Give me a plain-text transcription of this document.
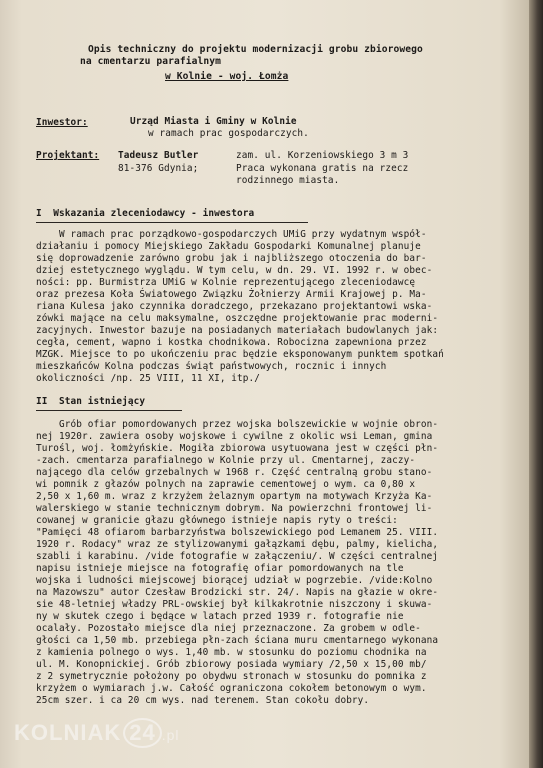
Opis techniczny do projektu modernizacji grobu zbiorowego
na cmentarzu parafialnym
w Kolnie - woj. Łomża
Inwestor:	Urząd Miasta i Gminy w Kolnie
w ramach prac gospodarczych.
Projektant: Tadeusz Butler
81-376 Gdynia;
zam. ul. Korzeniowskiego 3 m 3
Praca wykonana gratis na rzecz
rodzinnego miasta.
I  Wskazania zleceniodawcy - inwestora
W ramach prac porządkowo-gospodarczych UMiG przy wydatnym współ-
działaniu i pomocy Miejskiego Zakładu Gospodarki Komunalnej planuje
się doprowadzenie zarówno grobu jak i najbliższego otoczenia do bar-
dziej estetycznego wyglądu. W tym celu, w dn. 29. VI. 1992 r. w obec-
ności: pp. Burmistrza UMiG w Kolnie reprezentującego zleceniodawcę
oraz prezesa Koła Światowego Związku Żołnierzy Armii Krajowej p. Ma-
riana Kulesa jako czynnika doradczego, przekazano projektantowi wska-
zówki mające na celu maksymalne, oszczędne projektowanie prac moderni-
zacyjnych. Inwestor bazuje na posiadanych materiałach budowlanych jak:
cegła, cement, wapno i kostka chodnikowa. Robocizna zapewniona przez
MZGK. Miejsce to po ukończeniu prac będzie eksponowanym punktem spotkań
mieszkańców Kolna podczas świąt państwowych, rocznic i innych
okoliczności /np. 25 VIII, 11 XI, itp./
II  Stan istniejący
Grób ofiar pomordowanych przez wojska bolszewickie w wojnie obron-
nej 1920r. zawiera osoby wojskowe i cywilne z okolic wsi Leman, gmina
Turośl, woj. łomżyńskie. Mogiła zbiorowa usytuowana jest w części płn-
-zach. cmentarza parafialnego w Kolnie przy ul. Cmentarnej, zaczy-
nającego dla celów grzebalnych w 1968 r. Część centralną grobu stano-
wi pomnik z głazów polnych na zaprawie cementowej o wym. ca 0,80 x
2,50 x 1,60 m. wraz z krzyżem żelaznym opartym na motywach Krzyża Ka-
walerskiego w stanie technicznym dobrym. Na powierzchni frontowej li-
cowanej w granicie głazu głównego istnieje napis ryty o treści:
"Pamięci 48 ofiarom barbarzyństwa bolszewickiego pod Lemanem 25. VIII.
1920 r. Rodacy" wraz ze stylizowanymi gałązkami dębu, palmy, kielicha,
szabli i karabinu. /vide fotografie w załączeniu/. W części centralnej
napisu istnieje miejsce na fotografię ofiar pomordowanych na tle
wojska i ludności miejscowej biorącej udział w pogrzebie. /vide:Kolno
na Mazowszu" autor Czesław Brodzicki str. 24/. Napis na głazie w okre-
sie 48-letniej władzy PRL-owskiej był kilkakrotnie niszczony i skuwa-
ny w skutek czego i będące w latach przed 1939 r. fotografie nie
ocalały. Pozostało miejsce dla niej przeznaczone. Za grobem w odle-
głości ca 1,50 mb. przebiega płn-zach ściana muru cmentarnego wykonana
z kamienia polnego o wys. 1,40 mb. w stosunku do poziomu chodnika na
ul. M. Konopnickiej. Grób zbiorowy posiada wymiary /2,50 x 15,00 mb/
z 2 symetrycznie położony po obydwu stronach w stosunku do pomnika z
krzyżem o wymiarach j.w. Całość ograniczona cokołem betonowym o wym.
25cm szer. i ca 20 cm wys. nad terenem. Stan cokołu dobry.
KOLNIAK 24 .pl
